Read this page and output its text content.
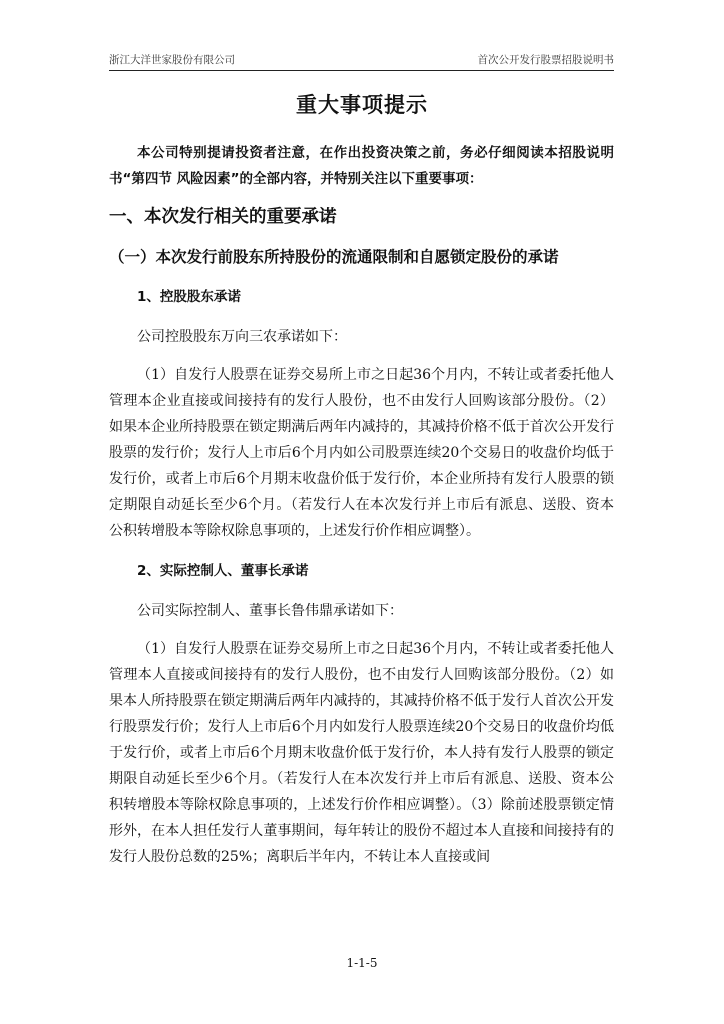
浙江大洋世家股份有限公司	首次公开发行股票招股说明书
重大事项提示

本公司特别提请投资者注意，在作出投资决策之前，务必仔细阅读本招股说明书“第四节 风险因素”的全部内容，并特别关注以下重要事项：

一、本次发行相关的重要承诺
（一）本次发行前股东所持股份的流通限制和自愿锁定股份的承诺
1、控股股东承诺

公司控股股东万向三农承诺如下：

（1）自发行人股票在证券交易所上市之日起36个月内，不转让或者委托他人管理本企业直接或间接持有的发行人股份，也不由发行人回购该部分股份。（2）如果本企业所持股票在锁定期满后两年内减持的，其减持价格不低于首次公开发行股票的发行价；发行人上市后6个月内如公司股票连续20个交易日的收盘价均低于发行价，或者上市后6个月期末收盘价低于发行价，本企业所持有发行人股票的锁定期限自动延长至少6个月。（若发行人在本次发行并上市后有派息、送股、资本公积转增股本等除权除息事项的，上述发行价作相应调整）。

2、实际控制人、董事长承诺

公司实际控制人、董事长鲁伟鼎承诺如下：

（1）自发行人股票在证券交易所上市之日起36个月内，不转让或者委托他人管理本人直接或间接持有的发行人股份，也不由发行人回购该部分股份。（2）如果本人所持股票在锁定期满后两年内减持的，其减持价格不低于发行人首次公开发行股票发行价；发行人上市后6个月内如发行人股票连续20个交易日的收盘价均低于发行价，或者上市后6个月期末收盘价低于发行价，本人持有发行人股票的锁定期限自动延长至少6个月。（若发行人在本次发行并上市后有派息、送股、资本公积转增股本等除权除息事项的，上述发行价作相应调整）。（3）除前述股票锁定情形外，在本人担任发行人董事期间，每年转让的股份不超过本人直接和间接持有的发行人股份总数的25%；离职后半年内，不转让本人直接或间

1-1-5
